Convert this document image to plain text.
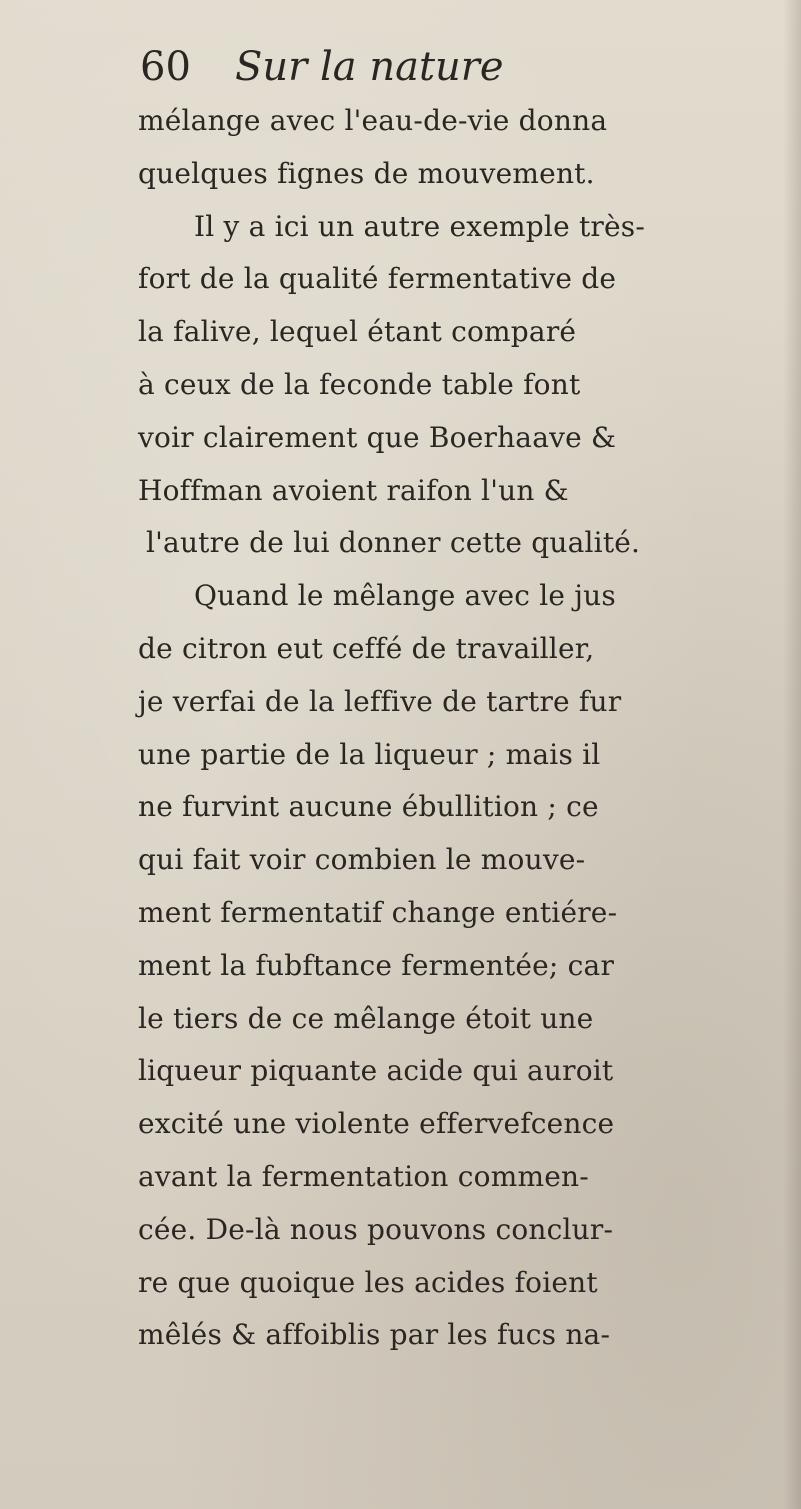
60 Sur la nature
mélange avec l'eau-de-vie donna
quelques fignes de mouvement.
Il y a ici un autre exemple très-
fort de la qualité fermentative de
la falive, lequel étant comparé
à ceux de la feconde table font
voir clairement que Boerhaave &
Hoffman avoient raifon l'un &
l'autre de lui donner cette qualité.
Quand le mêlange avec le jus
de citron eut ceffé de travailler,
je verfai de la leffive de tartre fur
une partie de la liqueur ; mais il
ne furvint aucune ébullition ; ce
qui fait voir combien le mouve-
ment fermentatif change entiére-
ment la fubftance fermentée; car
le tiers de ce mêlange étoit une
liqueur piquante acide qui auroit
excité une violente effervefcence
avant la fermentation commen-
cée. De-là nous pouvons conclur-
re que quoique les acides foient
mêlés & affoiblis par les fucs na-
